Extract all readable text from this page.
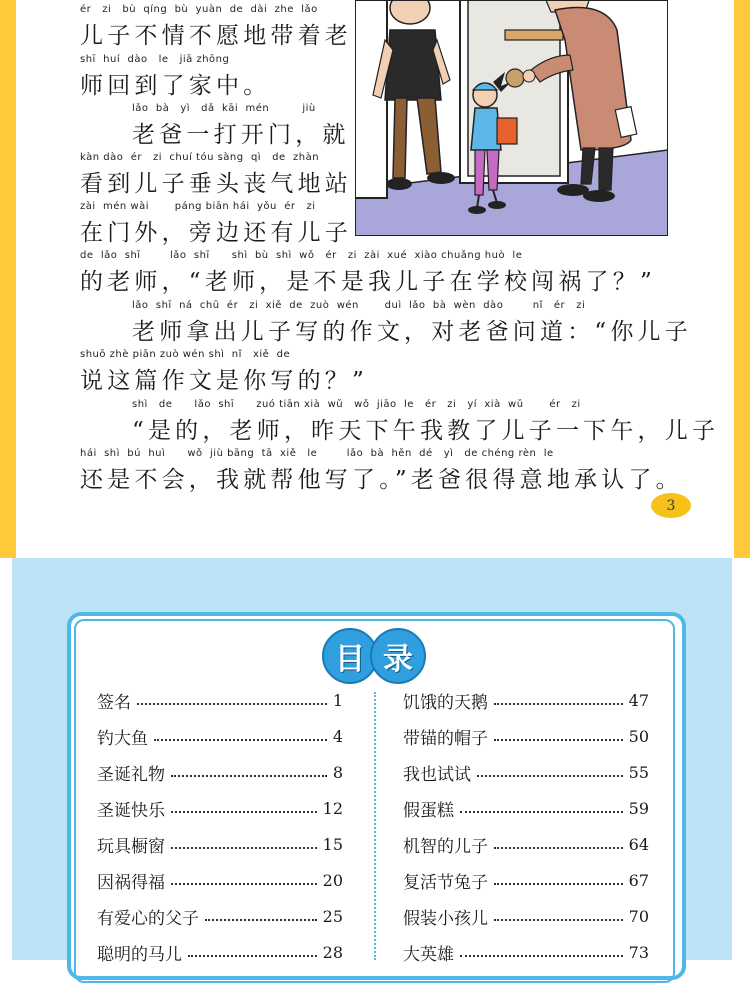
ér   zi   bù  qíng  bù  yuàn  de  dài  zhe  lǎo
儿子不情不愿地带着老
shī  huí  dào   le   jiā zhōng
师回到了家中。
lǎo  bà   yì   dǎ  kāi  mén         jiù
老爸一打开门，就
kàn dào  ér   zi  chuí tóu sàng  qì   de  zhàn
看到儿子垂头丧气地站
zài  mén wài       páng biān hái  yǒu  ér   zi
在门外，旁边还有儿子
de  lǎo  shī        lǎo  shī      shì  bù  shì  wǒ   ér   zi  zài  xué  xiào chuǎng huò  le
的老师，“老师，是不是我儿子在学校闯祸了？”
lǎo  shī  ná  chū  ér   zi  xiě  de  zuò  wén       duì  lǎo  bà  wèn  dào        nǐ   ér   zi
老师拿出儿子写的作文，对老爸问道：“你儿子
shuō zhè piān zuò wén shì  nǐ   xiě  de
说这篇作文是你写的？”
shì   de      lǎo  shī      zuó tiān xià  wǔ   wǒ  jiāo  le   ér   zi   yí  xià  wǔ       ér   zi
“是的，老师，昨天下午我教了儿子一下午，儿子
hái  shì  bú  huì      wǒ  jiù bāng  tā  xiě   le        lǎo  bà  hěn  dé   yì   de chéng rèn  le
还是不会，我就帮他写了。”老爸很得意地承认了。
3
目 录
签名	1
钓大鱼	4
圣诞礼物	8
圣诞快乐	12
玩具橱窗	15
因祸得福	20
有爱心的父子	25
聪明的马儿	28
饥饿的天鹅	47
带锚的帽子	50
我也试试	55
假蛋糕	59
机智的儿子	64
复活节兔子	67
假装小孩儿	70
大英雄	73
